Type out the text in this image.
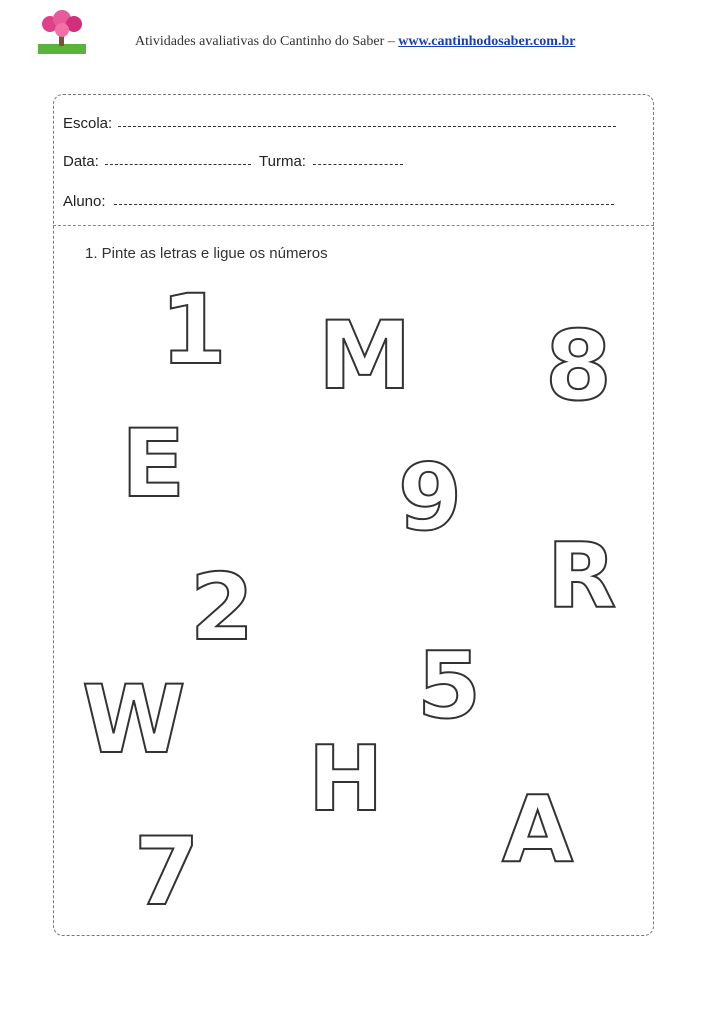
Atividades avaliativas do Cantinho do Saber – www.cantinhodosaber.com.br
Escola:
Data:	Turma:
Aluno:
1. Pinte as letras e ligue os números
1 M 8
E 9
R
2
5
W
H A
7
